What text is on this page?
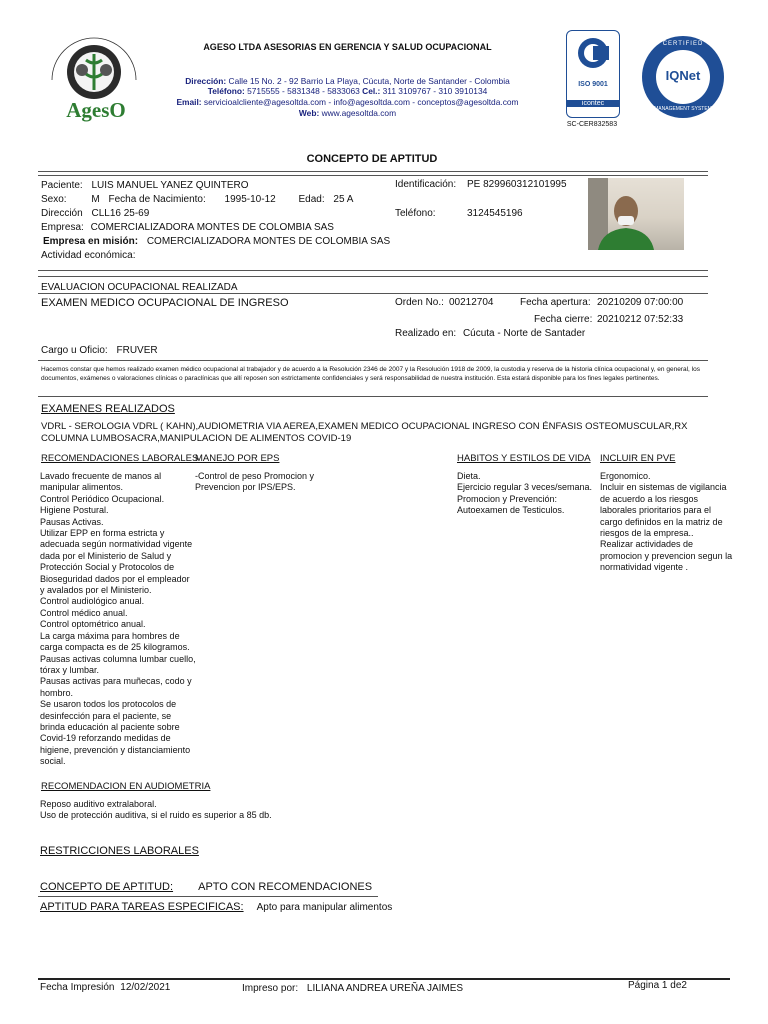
AgesO
AGESO LTDA ASESORIAS EN GERENCIA Y SALUD OCUPACIONAL
Dirección: Calle 15 No. 2 - 92 Barrio La Playa, Cúcuta, Norte de Santander - Colombia
Teléfono: 5715555 - 5831348 - 5833063 Cel.: 311 3109767 - 310 3910134
Email: servicioalcliente@agesoltda.com - info@agesoltda.com - conceptos@agesoltda.com
Web: www.agesoltda.com
ISO 9001
icontec
SC-CER832583
CERTIFIED
IQNet
MANAGEMENT SYSTEM
CONCEPTO DE APTITUD
Paciente: LUIS MANUEL YANEZ QUINTERO
Sexo: M Fecha de Nacimiento: 1995-10-12 Edad: 25 A
Dirección CLL16 25-69
Empresa: COMERCIALIZADORA MONTES DE COLOMBIA SAS
Empresa en misión: COMERCIALIZADORA MONTES DE COLOMBIA SAS
Actividad económica:
Identificación: PE 829960312101995
Teléfono:	3124545196
EVALUACION OCUPACIONAL REALIZADA
EXAMEN MEDICO OCUPACIONAL DE INGRESO	Orden No.: 00212704	Fecha apertura: 20210209 07:00:00
Fecha cierre: 20210212 07:52:33
Realizado en: Cúcuta - Norte de Santader
Cargo u Oficio: FRUVER
Hacemos constar que hemos realizado examen médico ocupacional al trabajador y de acuerdo a la Resolución 2346 de 2007 y la Resolución 1918 de 2009, la custodia y reserva de la historia clínica ocupacional y, en general, los documentos, exámenes o valoraciones clínicas o paraclínicas que allí reposen son estrictamente confidenciales y será responsabilidad de nuestra institución. Esta estará disponible para los fines legales pertinentes.
EXAMENES REALIZADOS
VDRL - SEROLOGIA VDRL ( KAHN),AUDIOMETRIA VIA AEREA,EXAMEN MEDICO OCUPACIONAL INGRESO CON ÉNFASIS OSTEOMUSCULAR,RX COLUMNA LUMBOSACRA,MANIPULACION DE ALIMENTOS COVID-19
RECOMENDACIONES LABORALES
Lavado frecuente de manos al
manipular alimentos.
Control Periódico Ocupacional.
Higiene Postural.
Pausas Activas.
Utilizar EPP en forma estricta y
adecuada según normatividad vigente
dada por el Ministerio de Salud y
Protección Social y Protocolos de
Bioseguridad dados por el empleador
y avalados por el Ministerio.
Control audiológico anual.
Control médico anual.
Control optométrico anual.
La carga máxima para hombres de
carga compacta es de 25 kilogramos.
Pausas activas columna lumbar cuello,
tórax y lumbar.
Pausas activas para muñecas, codo y
hombro.
Se usaron todos los protocolos de
desinfección para el paciente, se
brinda educación al paciente sobre
Covid-19 reforzando medidas de
higiene, prevención y distanciamiento
social.
MANEJO POR EPS
-Control de peso Promocion y
Prevencion por IPS/EPS.
HABITOS Y ESTILOS DE VIDA
Dieta.
Ejercicio regular 3 veces/semana.
Promocion y Prevención:
Autoexamen de Testiculos.
INCLUIR EN PVE
Ergonomico.
Incluir en sistemas de vigilancia
de acuerdo a los riesgos
laborales prioritarios para el
cargo definidos en la matriz de
riesgos de la empresa..
Realizar actividades de
promocion y prevencion segun la
normatividad vigente .
RECOMENDACION EN AUDIOMETRIA
Reposo auditivo extralaboral.
Uso de protección auditiva, si el ruido es superior a 85 db.
RESTRICCIONES LABORALES
CONCEPTO DE APTITUD: APTO CON RECOMENDACIONES
APTITUD PARA TAREAS ESPECIFICAS: Apto para manipular alimentos
Fecha Impresión 12/02/2021	Impreso por: LILIANA ANDREA UREÑA JAIMES	Página 1 de2
